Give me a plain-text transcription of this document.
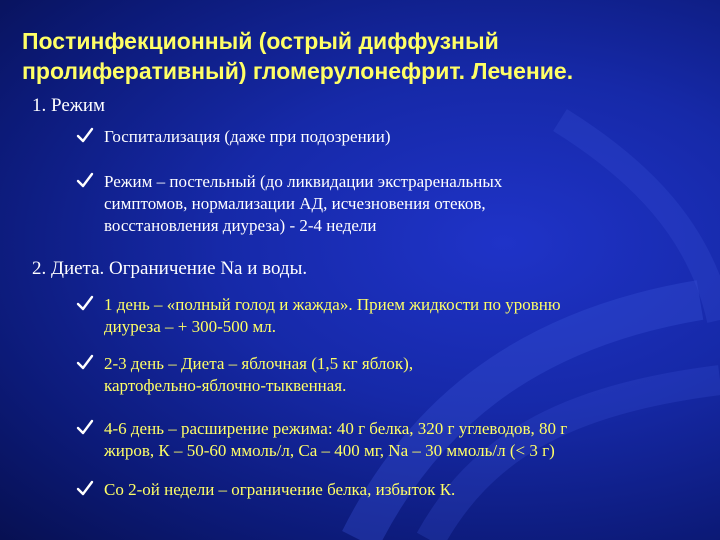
Постинфекционный (острый диффузный
пролиферативный) гломерулонефрит. Лечение.
1. Режим
Госпитализация (даже при подозрении)
Режим – постельный (до ликвидации экстраренальных
симптомов, нормализации АД, исчезновения отеков,
восстановления диуреза) - 2-4 недели
2. Диета. Ограничение Na и воды.
1 день – «полный голод и жажда». Прием жидкости по уровню
диуреза – + 300-500 мл.
2-3 день – Диета – яблочная (1,5 кг яблок),
картофельно-яблочно-тыквенная.
4-6 день – расширение режима: 40 г белка, 320 г углеводов, 80 г
жиров, К – 50-60 ммоль/л, Са – 400 мг, Na – 30 ммоль/л (< 3 г)
Со 2-ой недели – ограничение белка, избыток К.
